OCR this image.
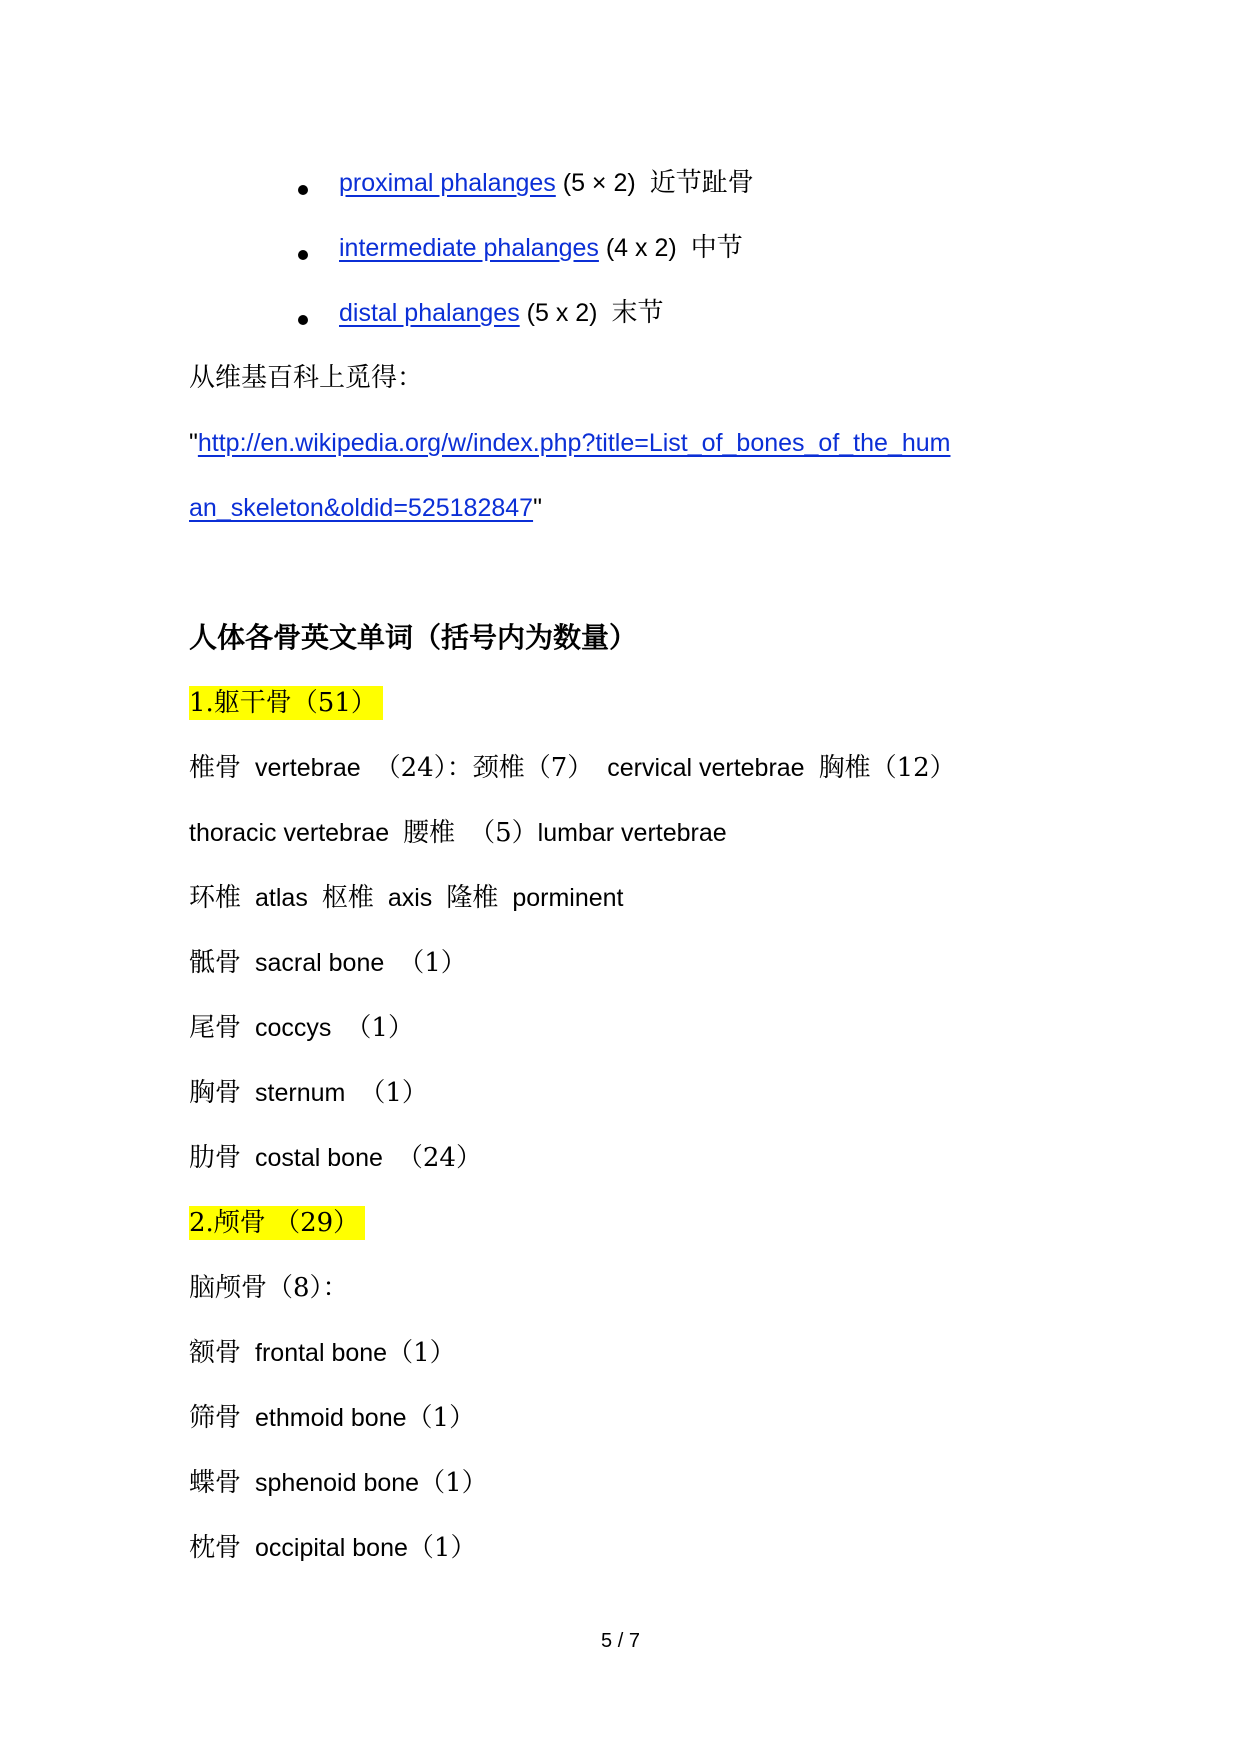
proximal phalanges (5 × 2) 近节趾骨
intermediate phalanges (4 x 2) 中节
distal phalanges (5 x 2) 末节
从维基百科上觅得：
"http://en.wikipedia.org/w/index.php?title=List_of_bones_of_the_hum
an_skeleton&oldid=525182847"
人体各骨英文单词（括号内为数量）
1.躯干骨（51）
椎骨 vertebrae （24）：颈椎（7） cervical vertebrae 胸椎（12）
thoracic vertebrae 腰椎 （5）lumbar vertebrae
环椎 atlas 枢椎 axis 隆椎 porminent
骶骨 sacral bone （1）
尾骨 coccys （1）
胸骨 sternum （1）
肋骨 costal bone （24）
2.颅骨 （29）
脑颅骨（8）：
额骨 frontal bone（1）
筛骨 ethmoid bone（1）
蝶骨 sphenoid bone（1）
枕骨 occipital bone（1）
5 / 7
